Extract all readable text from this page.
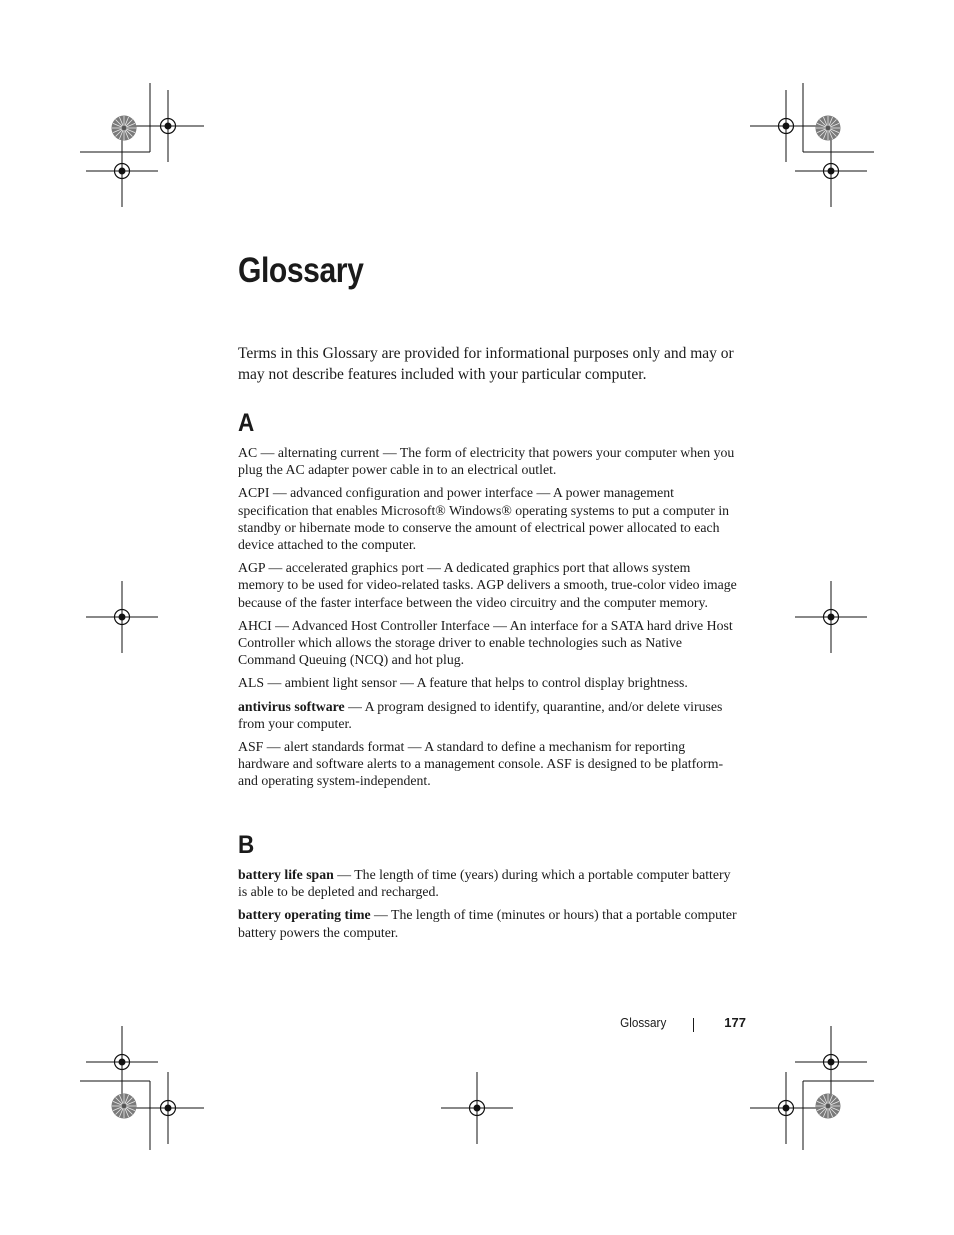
Glossary

Terms in this Glossary are provided for informational purposes only and may or may not describe features included with your particular computer.

A

AC — alternating current — The form of electricity that powers your computer when you plug the AC adapter power cable in to an electrical outlet.

ACPI — advanced configuration and power interface — A power management specification that enables Microsoft® Windows® operating systems to put a computer in standby or hibernate mode to conserve the amount of electrical power allocated to each device attached to the computer.

AGP — accelerated graphics port — A dedicated graphics port that allows system memory to be used for video-related tasks. AGP delivers a smooth, true-color video image because of the faster interface between the video circuitry and the computer memory.

AHCI — Advanced Host Controller Interface — An interface for a SATA hard drive Host Controller which allows the storage driver to enable technologies such as Native Command Queuing (NCQ) and hot plug.

ALS — ambient light sensor — A feature that helps to control display brightness.

antivirus software — A program designed to identify, quarantine, and/or delete viruses from your computer.

ASF — alert standards format — A standard to define a mechanism for reporting hardware and software alerts to a management console. ASF is designed to be platform- and operating system-independent.

B

battery life span — The length of time (years) during which a portable computer battery is able to be depleted and recharged.

battery operating time — The length of time (minutes or hours) that a portable computer battery powers the computer.

Glossary	177
